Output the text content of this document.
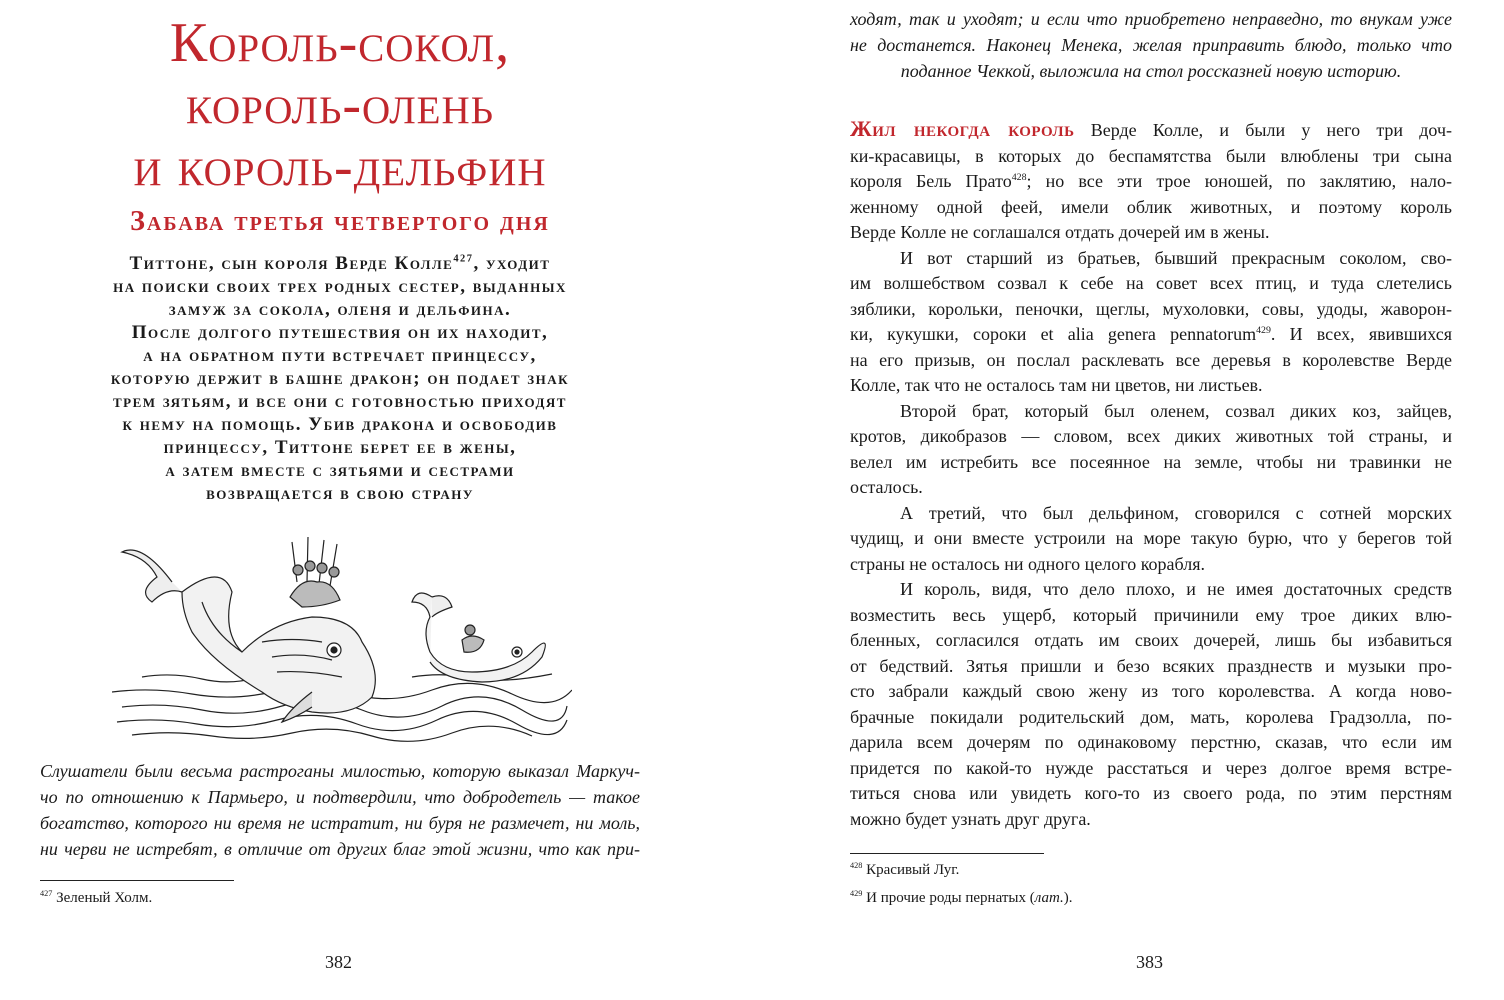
Король-сокол,
король-олень
и король-дельфин
Забава третья четвертого дня
Титтоне, сын короля Верде Колле$^{427}$, уходит
на поиски своих трех родных сестер, выданных
замуж за сокола, оленя и дельфина.
После долгого путешествия он их находит,
а на обратном пути встречает принцессу,
которую держит в башне дракон; он подает знак
трем зятьям, и все они с готовностью приходят
к нему на помощь. Убив дракона и освободив
принцессу, Титтоне берет ее в жены,
а затем вместе с зятьями и сестрами
возвращается в свою страну
Слушатели были весьма растроганы милостью, которую выказал Маркуч-
чо по отношению к Пармьеро, и подтвердили, что добродетель — такое
богатство, которого ни время не истратит, ни буря не размечет, ни моль,
ни черви не истребят, в отличие от других благ этой жизни, что как при-
$^{427}$ Зеленый Холм.
382
ходят, так и уходят; и если что приобретено неправедно, то внукам уже
не достанется. Наконец Менека, желая приправить блюдо, только что
поданное Чеккой, выложила на стол россказней новую историю.
Жил некогда король Верде Колле, и были у него три доч-
ки-красавицы, в которых до беспамятства были влюблены три сына
короля Бель Прато$^{428}$; но все эти трое юношей, по заклятию, нало-
женному одной феей, имели облик животных, и поэтому король
Верде Колле не соглашался отдать дочерей им в жены.
И вот старший из братьев, бывший прекрасным соколом, сво-
им волшебством созвал к себе на совет всех птиц, и туда слетелись
зяблики, корольки, пеночки, щеглы, мухоловки, совы, удоды, жаворон-
ки, кукушки, сороки et alia genera pennatorum$^{429}$. И всех, явившихся
на его призыв, он послал расклевать все деревья в королевстве Верде
Колле, так что не осталось там ни цветов, ни листьев.
Второй брат, который был оленем, созвал диких коз, зайцев,
кротов, дикобразов — словом, всех диких животных той страны, и
велел им истребить все посеянное на земле, чтобы ни травинки не
осталось.
А третий, что был дельфином, сговорился с сотней морских
чудищ, и они вместе устроили на море такую бурю, что у берегов той
страны не осталось ни одного целого корабля.
И король, видя, что дело плохо, и не имея достаточных средств
возместить весь ущерб, который причинили ему трое диких влю-
бленных, согласился отдать им своих дочерей, лишь бы избавиться
от бедствий. Зятья пришли и безо всяких празднеств и музыки про-
сто забрали каждый свою жену из того королевства. А когда ново-
брачные покидали родительский дом, мать, королева Градзолла, по-
дарила всем дочерям по одинаковому перстню, сказав, что если им
придется по какой-то нужде расстаться и через долгое время встре-
титься снова или увидеть кого-то из своего рода, по этим перстням
можно будет узнать друг друга.
$^{428}$ Красивый Луг.
$^{429}$ И прочие роды пернатых (лат.).
383
